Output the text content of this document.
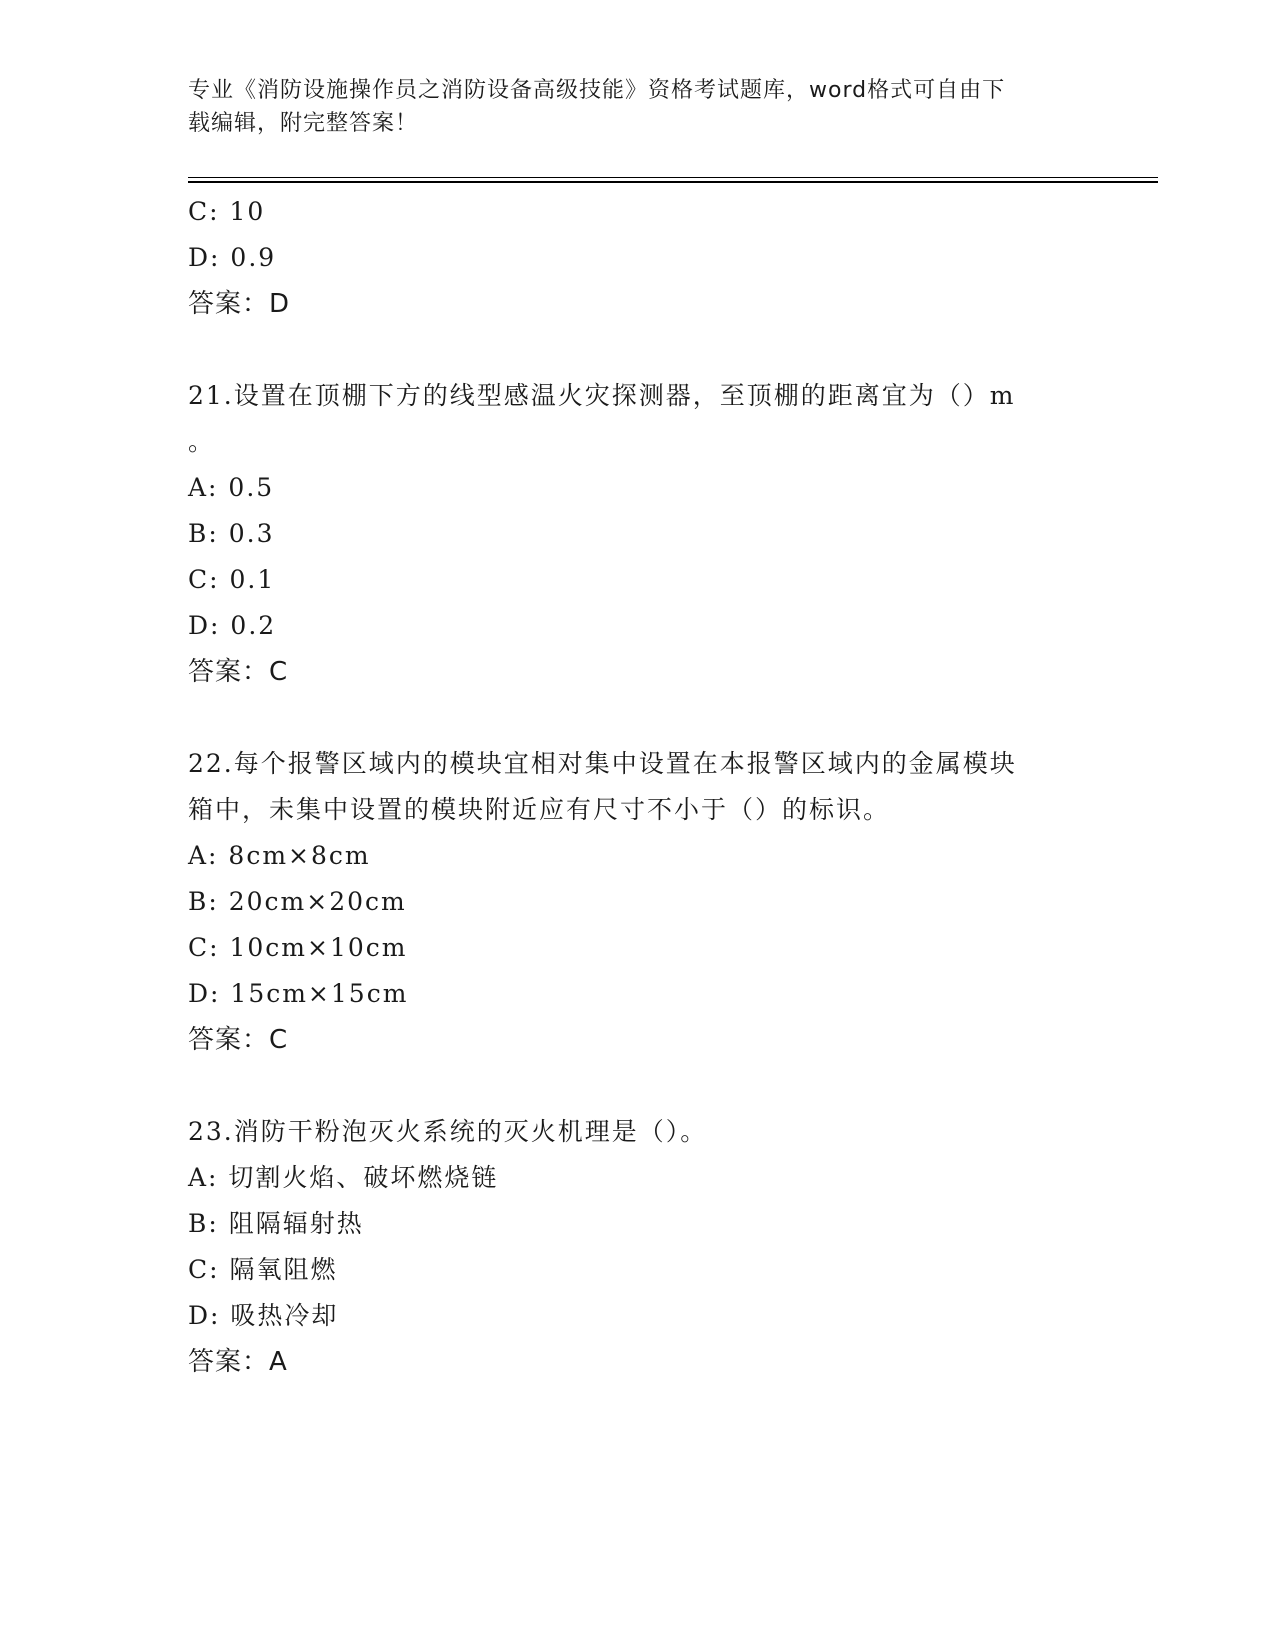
专业《消防设施操作员之消防设备高级技能》资格考试题库，word格式可自由下
载编辑，附完整答案！
C: 10
D: 0.9
答案：D
21.设置在顶棚下方的线型感温火灾探测器，至顶棚的距离宜为（）m
。
A: 0.5
B: 0.3
C: 0.1
D: 0.2
答案：C
22.每个报警区域内的模块宜相对集中设置在本报警区域内的金属模块
箱中，未集中设置的模块附近应有尺寸不小于（）的标识。
A: 8cm×8cm
B: 20cm×20cm
C: 10cm×10cm
D: 15cm×15cm
答案：C
23.消防干粉泡灭火系统的灭火机理是（）。
A: 切割火焰、破坏燃烧链
B: 阻隔辐射热
C: 隔氧阻燃
D: 吸热冷却
答案：A
